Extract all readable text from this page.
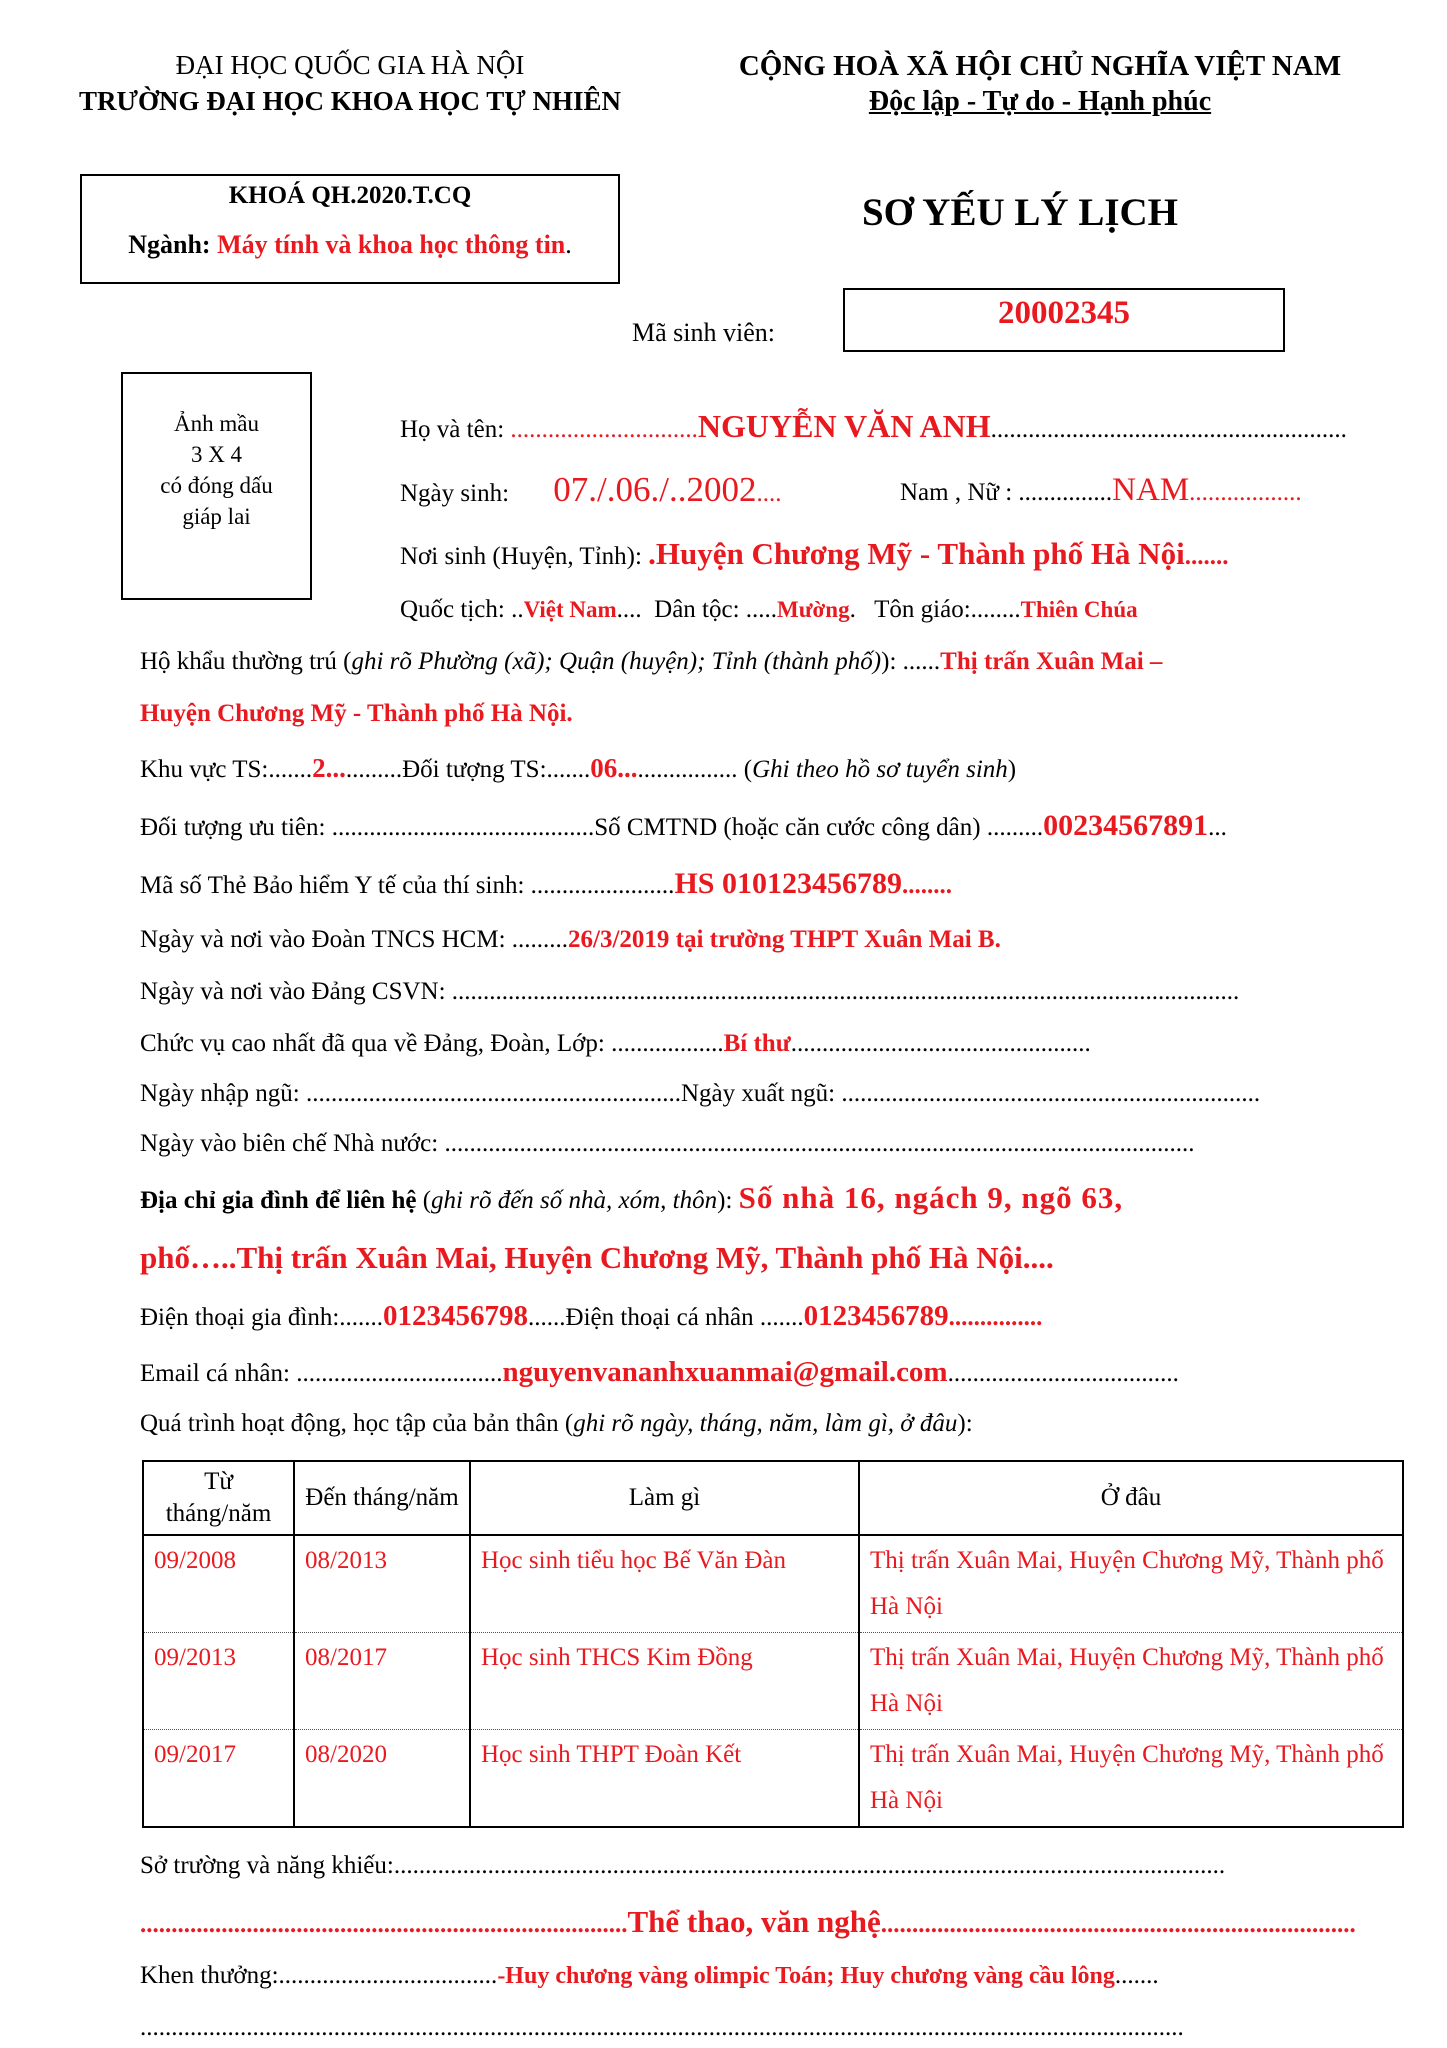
ĐẠI HỌC QUỐC GIA HÀ NỘI
TRƯỜNG ĐẠI HỌC KHOA HỌC TỰ NHIÊN
CỘNG HOÀ XÃ HỘI CHỦ NGHĨA VIỆT NAM
Độc lập - Tự do - Hạnh phúc
KHOÁ QH.2020.T.CQ
Ngành: Máy tính và khoa học thông tin.
SƠ YẾU LÝ LỊCH
Mã sinh viên:
20002345
Ảnh mầu
3 X 4
có đóng dấu
giáp lai
Họ và tên: ..............................NGUYỄN VĂN ANH.........................................................
Ngày sinh: 07./.06./..2002....	Nam , Nữ : ...............NAM..................
Nơi sinh (Huyện, Tỉnh): .Huyện Chương Mỹ - Thành phố Hà Nội.......
Quốc tịch: ..Việt Nam.... Dân tộc: .....Mường. Tôn giáo:........Thiên Chúa
Hộ khẩu thường trú (ghi rõ Phường (xã); Quận (huyện); Tỉnh (thành phố)): ......Thị trấn Xuân Mai –
Huyện Chương Mỹ - Thành phố Hà Nội.
Khu vực TS:.......2............Đối tượng TS:.......06................... (Ghi theo hồ sơ tuyển sinh)
Đối tượng ưu tiên: ..........................................Số CMTND (hoặc căn cước công dân) .........00234567891...
Mã số Thẻ Bảo hiểm Y tế của thí sinh: .......................HS 010123456789........
Ngày và nơi vào Đoàn TNCS HCM: .........26/3/2019 tại trường THPT Xuân Mai B.
Ngày và nơi vào Đảng CSVN: ..............................................................................................................................
Chức vụ cao nhất đã qua về Đảng, Đoàn, Lớp: ..................Bí thư................................................
Ngày nhập ngũ: ............................................................Ngày xuất ngũ: ...................................................................
Ngày vào biên chế Nhà nước: ........................................................................................................................
Địa chỉ gia đình để liên hệ (ghi rõ đến số nhà, xóm, thôn): Số nhà 16, ngách 9, ngõ 63,
phố…..Thị trấn Xuân Mai, Huyện Chương Mỹ, Thành phố Hà Nội....
Điện thoại gia đình:.......0123456798......Điện thoại cá nhân .......0123456789...............
Email cá nhân: .................................nguyenvananhxuanmai@gmail.com.....................................
Quá trình hoạt động, học tập của bản thân (ghi rõ ngày, tháng, năm, làm gì, ở đâu):
Từ tháng/năm	Đến tháng/năm	Làm gì	Ở đâu
09/2008	08/2013	Học sinh tiểu học Bế Văn Đàn	Thị trấn Xuân Mai, Huyện Chương Mỹ, Thành phố Hà Nội
09/2013	08/2017	Học sinh THCS Kim Đồng	Thị trấn Xuân Mai, Huyện Chương Mỹ, Thành phố Hà Nội
09/2017	08/2020	Học sinh THPT Đoàn Kết	Thị trấn Xuân Mai, Huyện Chương Mỹ, Thành phố Hà Nội
Sở trường và năng khiếu:.....................................................................................................................................
..............................................................................Thể thao, văn nghệ............................................................................
Khen thưởng:...................................-Huy chương vàng olimpic Toán; Huy chương vàng cầu lông.......
.......................................................................................................................................................................
